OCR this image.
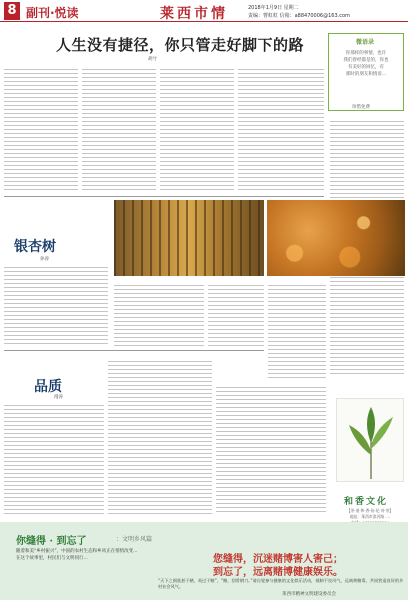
8 副刊·悦读	莱西市情	2018年1月9日 星期二
责编：曹虹虹 信箱：a88470006@163.com
人生没有捷径，你只管走好脚下的路
胡兮
微语录
你那样的事情，也许
我们曾经都是的，你也
有美好的回忆，有
那时的朋友和情谊...
珍惜免费
银杏树
孙涛
品质
漫涛
和香文化
【茶·道·和·香·仙·花·诗·茶】
地址：莱西市滨河路 ....
你缝得 · 到忘了	：文明乡风篇
随着和美“乡村振兴”，中国的农村生态和乡风正在悄悄改变...
在这个故事里，村民们与文明同行...	您缝得，沉迷赌博害人害己；
到忘了，远离赌博健康娱乐。
“天下之祸莫甚于赌，英过于赌”，“赌，刮骨钢刀。”请自觉参与健康的文化娱乐活动，抵制不良风气，远离黄赌毒，共同营造良好的乡村社会风气。
莱西市精神文明建设委员会
